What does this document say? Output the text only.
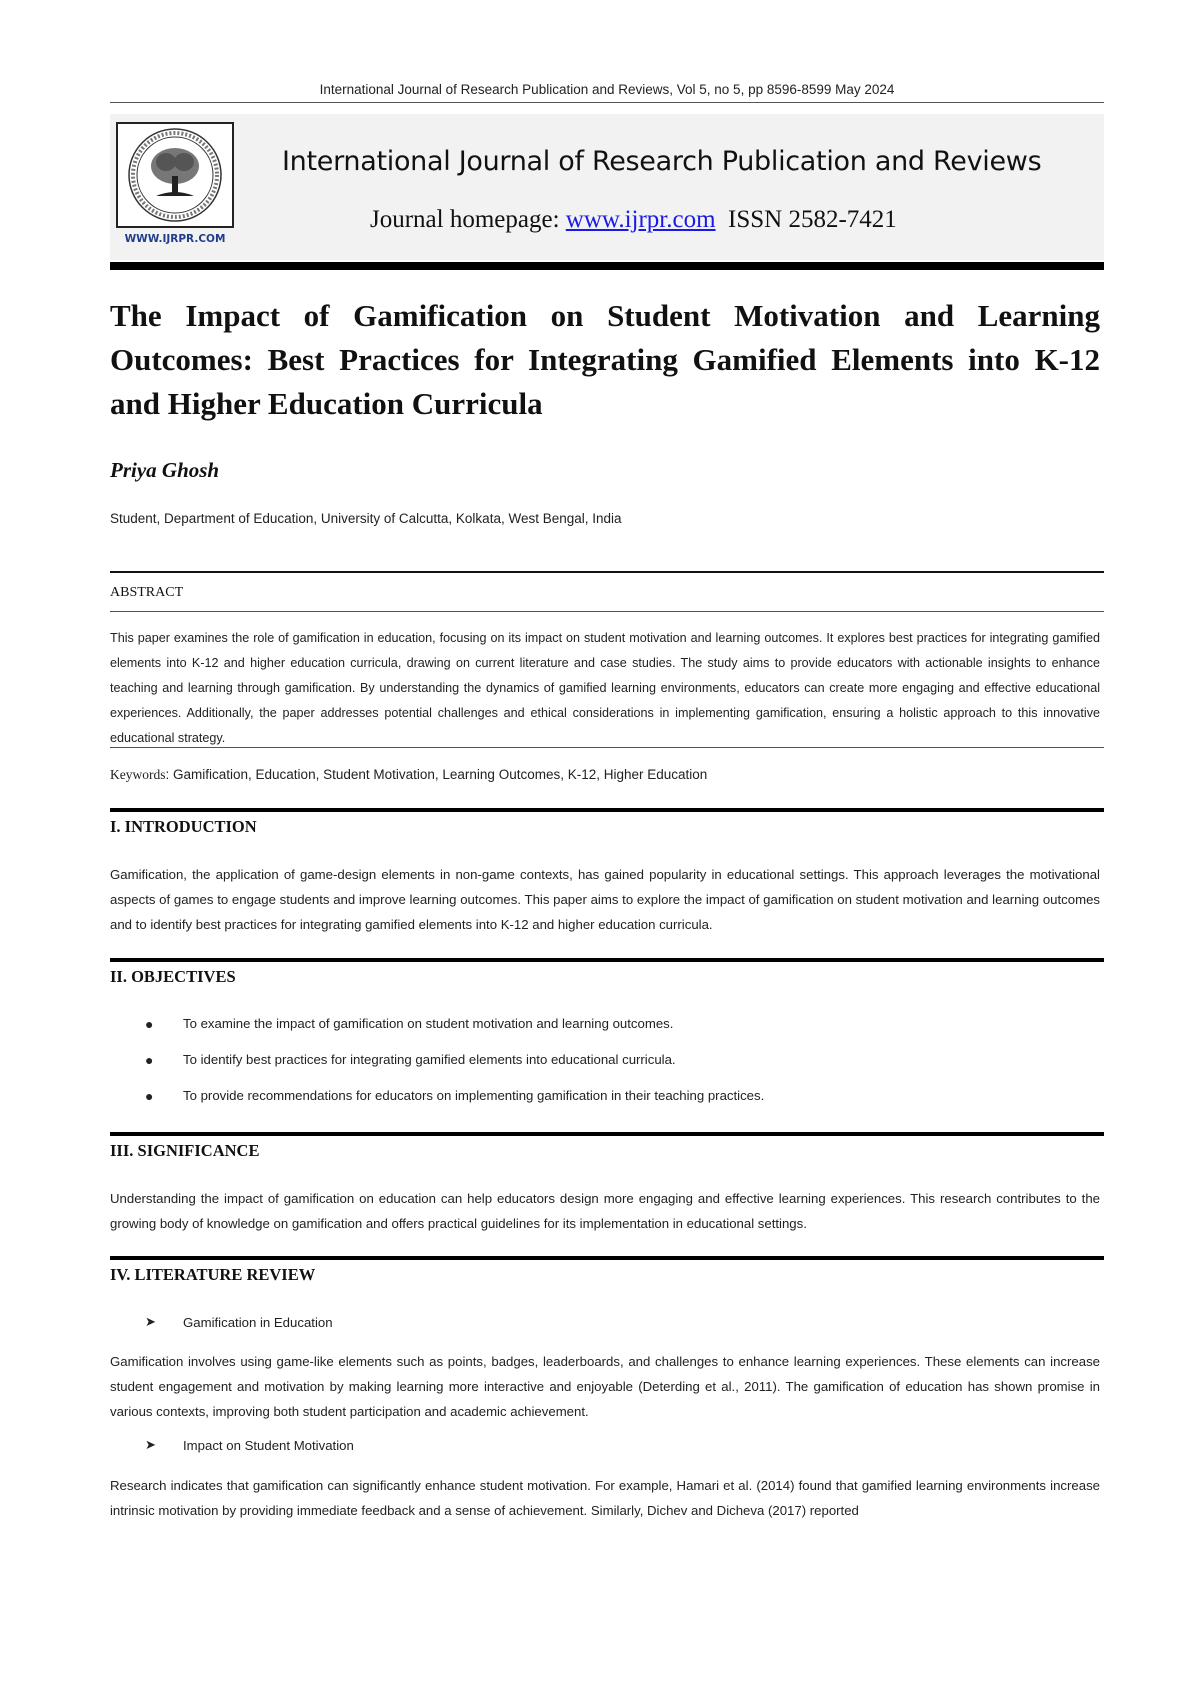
International Journal of Research Publication and Reviews, Vol 5, no 5, pp 8596-8599 May 2024
WWW.IJRPR.COM
International Journal of Research Publication and Reviews
Journal homepage: www.ijrpr.com ISSN 2582-7421
The Impact of Gamification on Student Motivation and Learning Outcomes: Best Practices for Integrating Gamified Elements into K-12 and Higher Education Curricula
Priya Ghosh
Student, Department of Education, University of Calcutta, Kolkata, West Bengal, India
ABSTRACT
This paper examines the role of gamification in education, focusing on its impact on student motivation and learning outcomes. It explores best practices for integrating gamified elements into K-12 and higher education curricula, drawing on current literature and case studies. The study aims to provide educators with actionable insights to enhance teaching and learning through gamification. By understanding the dynamics of gamified learning environments, educators can create more engaging and effective educational experiences. Additionally, the paper addresses potential challenges and ethical considerations in implementing gamification, ensuring a holistic approach to this innovative educational strategy.
Keywords: Gamification, Education, Student Motivation, Learning Outcomes, K-12, Higher Education
I. INTRODUCTION
Gamification, the application of game-design elements in non-game contexts, has gained popularity in educational settings. This approach leverages the motivational aspects of games to engage students and improve learning outcomes. This paper aims to explore the impact of gamification on student motivation and learning outcomes and to identify best practices for integrating gamified elements into K-12 and higher education curricula.
II. OBJECTIVES
● To examine the impact of gamification on student motivation and learning outcomes.
● To identify best practices for integrating gamified elements into educational curricula.
● To provide recommendations for educators on implementing gamification in their teaching practices.
III. SIGNIFICANCE
Understanding the impact of gamification on education can help educators design more engaging and effective learning experiences. This research contributes to the growing body of knowledge on gamification and offers practical guidelines for its implementation in educational settings.
IV. LITERATURE REVIEW
➤ Gamification in Education
Gamification involves using game-like elements such as points, badges, leaderboards, and challenges to enhance learning experiences. These elements can increase student engagement and motivation by making learning more interactive and enjoyable (Deterding et al., 2011). The gamification of education has shown promise in various contexts, improving both student participation and academic achievement.
➤ Impact on Student Motivation
Research indicates that gamification can significantly enhance student motivation. For example, Hamari et al. (2014) found that gamified learning environments increase intrinsic motivation by providing immediate feedback and a sense of achievement. Similarly, Dichev and Dicheva (2017) reported
